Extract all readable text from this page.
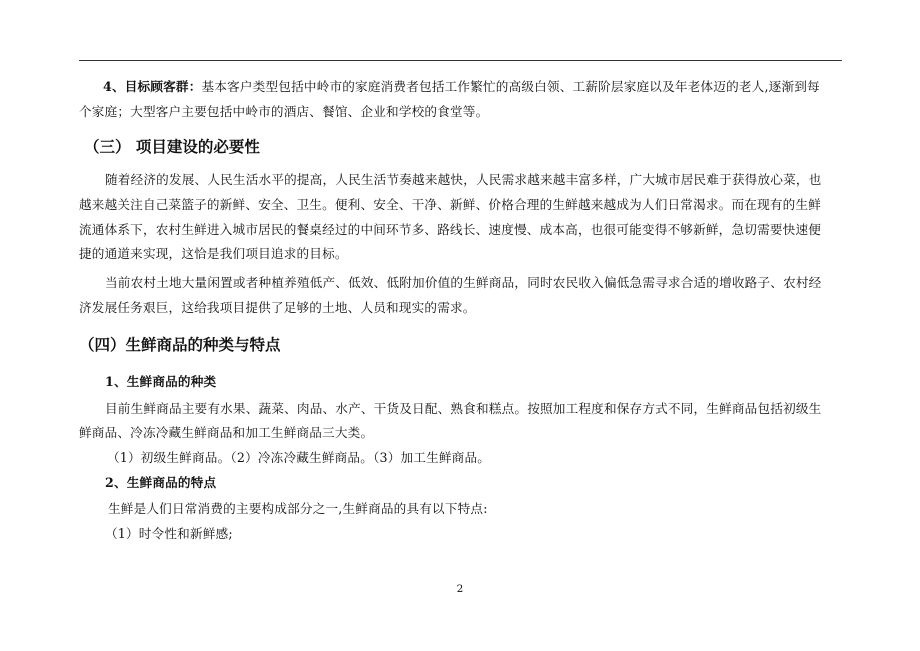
4、目标顾客群：基本客户类型包括中岭市的家庭消费者包括工作繁忙的高级白领、工薪阶层家庭以及年老体迈的老人,逐渐到每
个家庭；大型客户主要包括中岭市的酒店、餐馆、企业和学校的食堂等。
（三） 项目建设的必要性
随着经济的发展、人民生活水平的提高，人民生活节奏越来越快，人民需求越来越丰富多样，广大城市居民难于获得放心菜，也
越来越关注自己菜篮子的新鲜、安全、卫生。便利、安全、干净、新鲜、价格合理的生鲜越来越成为人们日常渴求。而在现有的生鲜
流通体系下，农村生鲜进入城市居民的餐桌经过的中间环节多、路线长、速度慢、成本高，也很可能变得不够新鲜，急切需要快速便
捷的通道来实现，这恰是我们项目追求的目标。
当前农村土地大量闲置或者种植养殖低产、低效、低附加价值的生鲜商品，同时农民收入偏低急需寻求合适的增收路子、农村经
济发展任务艰巨，这给我项目提供了足够的土地、人员和现实的需求。
（四）生鲜商品的种类与特点
1、生鲜商品的种类
目前生鲜商品主要有水果、蔬菜、肉品、水产、干货及日配、熟食和糕点。按照加工程度和保存方式不同，生鲜商品包括初级生
鲜商品、冷冻冷藏生鲜商品和加工生鲜商品三大类。
（1）初级生鲜商品。（2）冷冻冷藏生鲜商品。（3）加工生鲜商品。
2、生鲜商品的特点
生鲜是人们日常消费的主要构成部分之一,生鲜商品的具有以下特点:
（1）时令性和新鲜感;
2
